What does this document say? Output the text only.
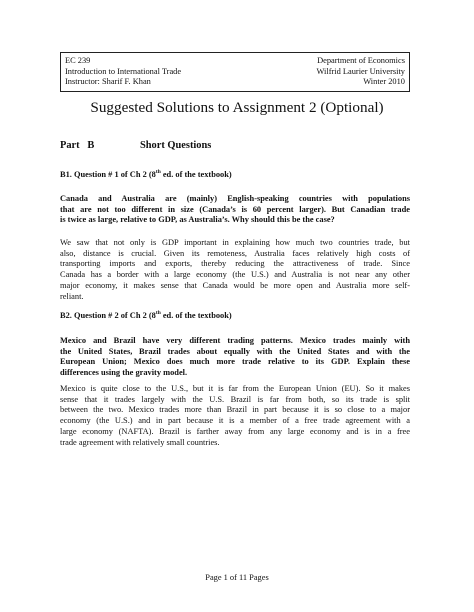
EC 239
Introduction to International Trade
Instructor: Sharif F. Khan
Department of Economics
Wilfrid Laurier University
Winter 2010
Suggested Solutions to Assignment 2 (Optional)
Part   B	Short Questions
B1. Question # 1 of Ch 2 (8th ed. of the textbook)
Canada and Australia are (mainly) English-speaking countries with populations
that are not too different in size (Canada’s is 60 percent larger). But Canadian trade
is twice as large, relative to GDP, as Australia’s. Why should this be the case?
We saw that not only is GDP important in explaining how much two countries trade, but
also, distance is crucial. Given its remoteness, Australia faces relatively high costs of
transporting imports and exports, thereby reducing the attractiveness of trade. Since
Canada has a border with a large economy (the U.S.) and Australia is not near any other
major economy, it makes sense that Canada would be more open and Australia more self-
reliant.
B2. Question # 2 of Ch 2 (8th ed. of the textbook)
Mexico and Brazil have very different trading patterns. Mexico trades mainly with
the United States, Brazil trades about equally with the United States and with the
European Union; Mexico does much more trade relative to its GDP. Explain these
differences using the gravity model.
Mexico is quite close to the U.S., but it is far from the European Union (EU). So it makes
sense that it trades largely with the U.S. Brazil is far from both, so its trade is split
between the two. Mexico trades more than Brazil in part because it is so close to a major
economy (the U.S.) and in part because it is a member of a free trade agreement with a
large economy (NAFTA). Brazil is farther away from any large economy and is in a free
trade agreement with relatively small countries.
Page 1 of 11 Pages
